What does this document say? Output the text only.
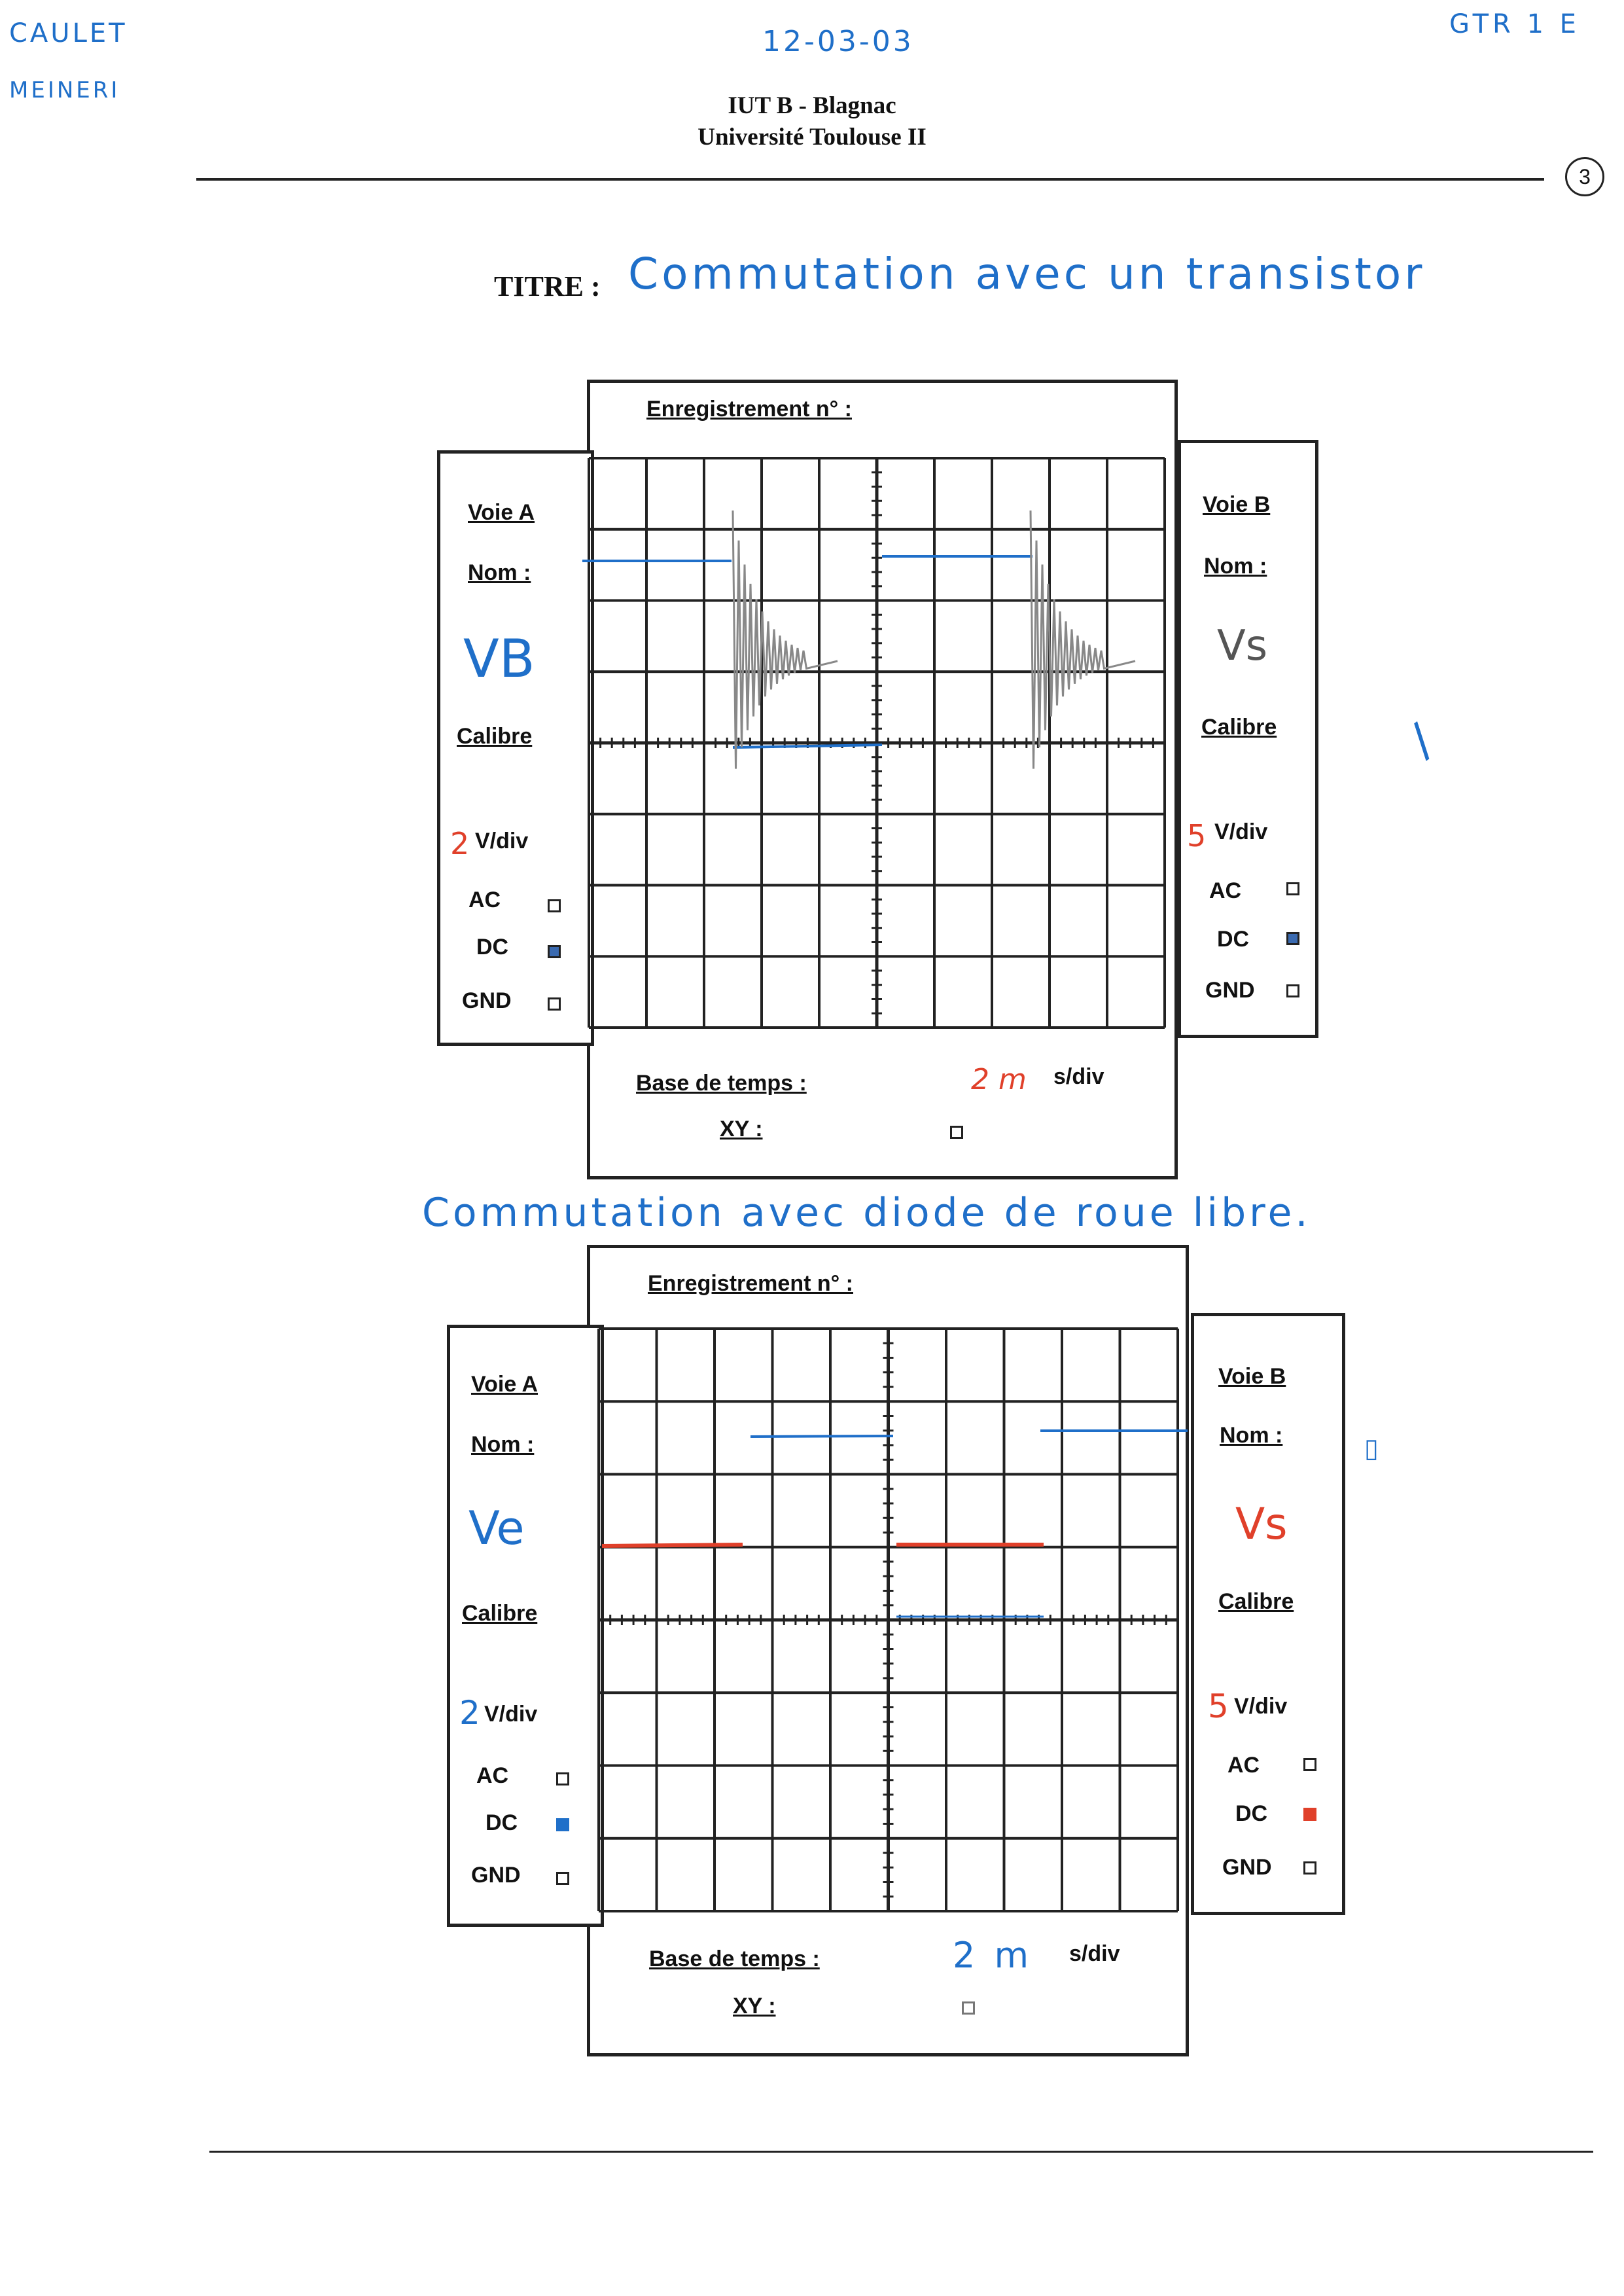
CAULET
MEINERI
12-03-03
GTR 1 E
IUT B - Blagnac
Université Toulouse II
3
TITRE : Commutation avec un transistor
Enregistrement n° :
Voie A
Nom :
VB
Calibre
2 V/div
AC
DC
GND
Voie B
Nom :
Vs
Calibre
5 V/div
AC
DC
GND
Base de temps :	2 m s/div
XY :
Commutation avec diode de roue libre.
Enregistrement n° :
Voie A
Nom :
Ve
Calibre
2 V/div
AC
DC
GND
Voie B
Nom :
Vs
Calibre
5 V/div
AC
DC
GND
Base de temps :	2 m s/div
XY :
/
▯
